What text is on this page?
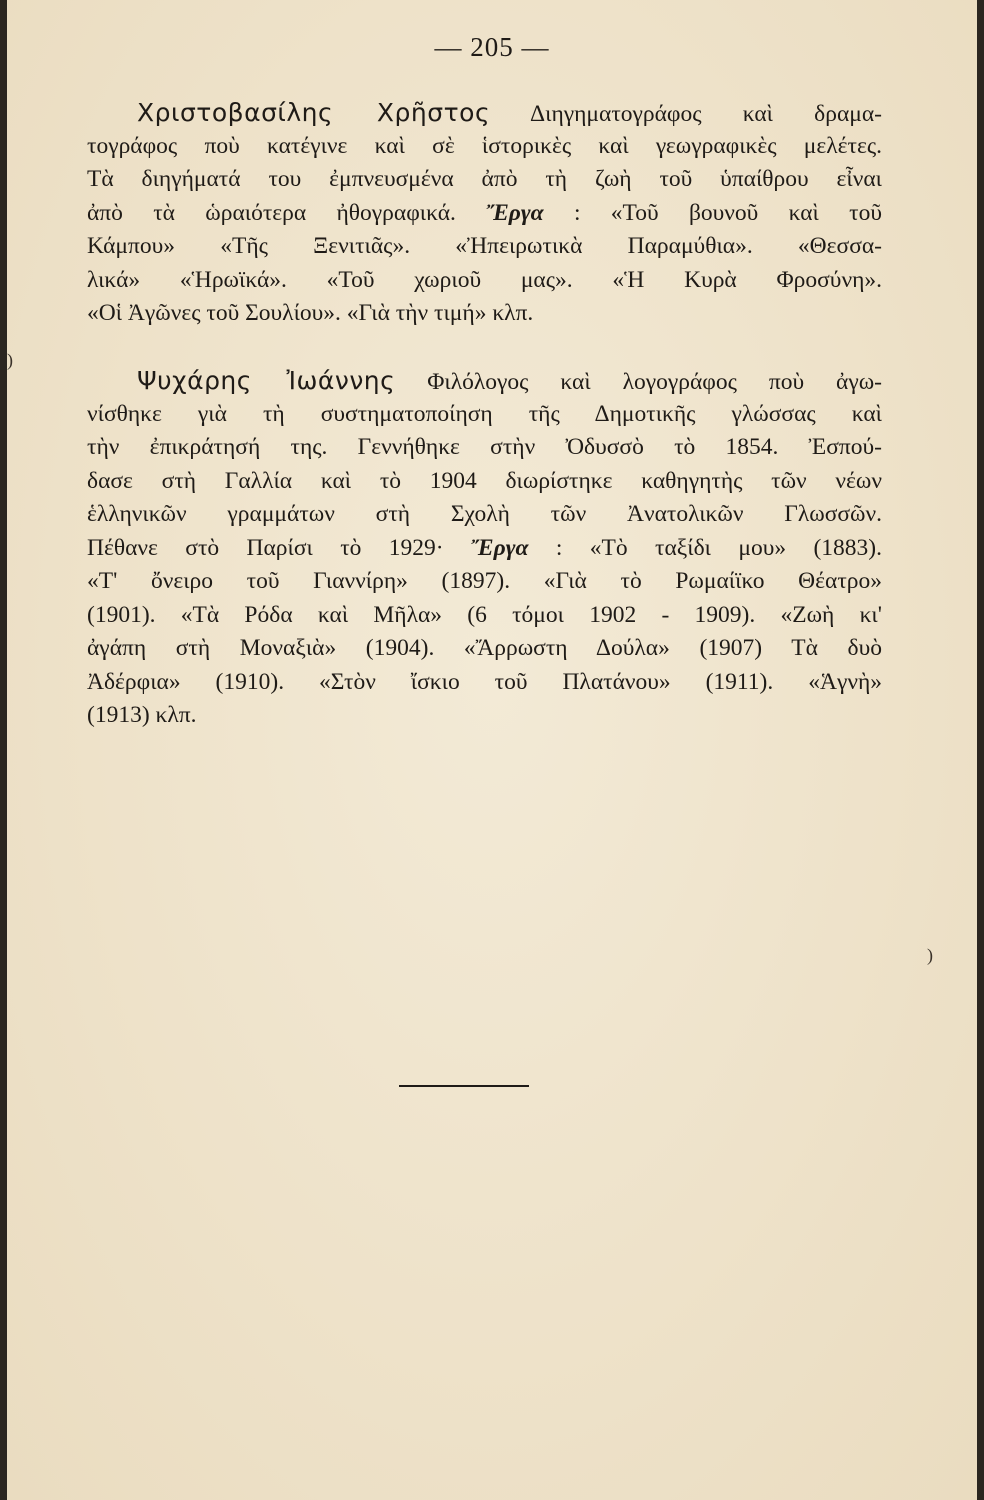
— 205 —
Χριστοβασίλης Χρῆστος Διηγηματογράφος καὶ δραμα-
τογράφος ποὺ κατέγινε καὶ σὲ ἱστορικὲς καὶ γεωγραφικὲς μελέτες.
Τὰ διηγήματά του ἐμπνευσμένα ἀπὸ τὴ ζωὴ τοῦ ὑπαίθρου εἶναι
ἀπὸ τὰ ὡραιότερα ἠθογραφικά. Ἔργα : «Τοῦ βουνοῦ καὶ τοῦ
Κάμπου» «Τῆς Ξενιτιᾶς». «Ἠπειρωτικὰ Παραμύθια». «Θεσσα-
λικά» «Ἡρωϊκά». «Τοῦ χωριοῦ μας». «Ἡ Κυρὰ Φροσύνη».
«Οἱ Ἀγῶνες τοῦ Σουλίου». «Γιὰ τὴν τιμή» κλπ.
Ψυχάρης Ἰωάννης Φιλόλογος καὶ λογογράφος ποὺ ἀγω-
νίσθηκε γιὰ τὴ συστηματοποίηση τῆς Δημοτικῆς γλώσσας καὶ
τὴν ἐπικράτησή της. Γεννήθηκε στὴν Ὀδυσσὸ τὸ 1854. Ἐσπού-
δασε στὴ Γαλλία καὶ τὸ 1904 διωρίστηκε καθηγητὴς τῶν νέων
ἑλληνικῶν γραμμάτων στὴ Σχολὴ τῶν Ἀνατολικῶν Γλωσσῶν.
Πέθανε στὸ Παρίσι τὸ 1929· Ἔργα : «Τὸ ταξίδι μου» (1883).
«Τ' ὄνειρο τοῦ Γιαννίρη» (1897). «Γιὰ τὸ Ρωμαίϊκο Θέατρο»
(1901). «Τὰ Ρόδα καὶ Μῆλα» (6 τόμοι 1902 - 1909). «Ζωὴ κι'
ἀγάπη στὴ Μοναξιὰ» (1904). «Ἄρρωστη Δούλα» (1907) Τὰ δυὸ
Ἀδέρφια» (1910). «Στὸν ἴσκιο τοῦ Πλατάνου» (1911). «Ἁγνὴ»
(1913) κλπ.
)
)
